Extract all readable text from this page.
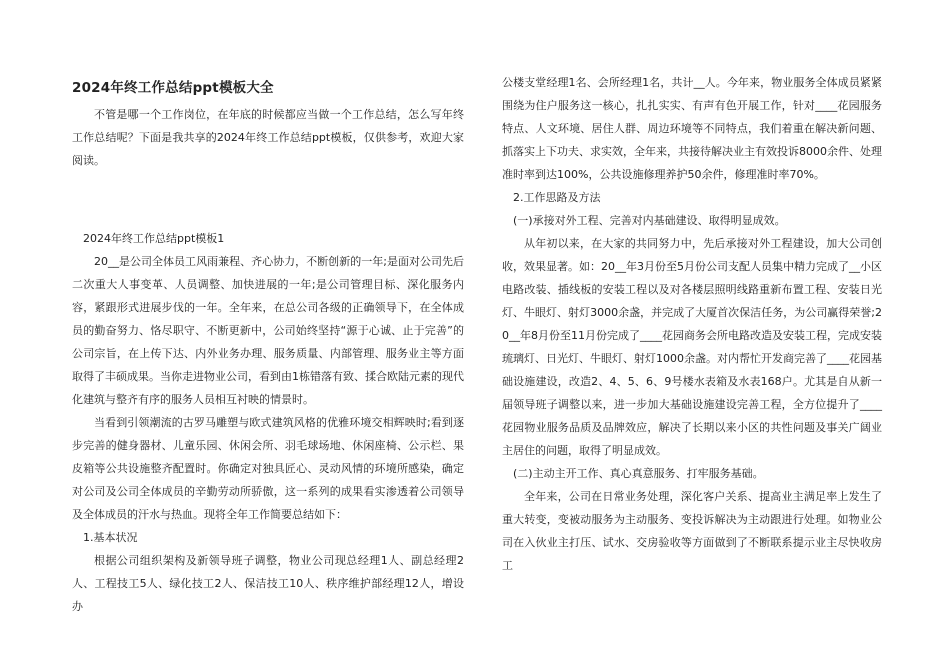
2024年终工作总结ppt模板大全

不管是哪一个工作岗位，在年底的时候都应当做一个工作总结，怎么写年终工作总结呢？下面是我共享的2024年终工作总结ppt模板，仅供参考，欢迎大家阅读。

2024年终工作总结ppt模板1

20__是公司全体员工风雨兼程、齐心协力，不断创新的一年;是面对公司先后二次重大人事变革、人员调整、加快进展的一年;是公司管理目标、深化服务内容，紧跟形式进展步伐的一年。全年来，在总公司各级的正确领导下，在全体成员的勤奋努力、恪尽职守、不断更新中，公司始终坚持“源于心诚、止于完善”的公司宗旨，在上传下达、内外业务办理、服务质量、内部管理、服务业主等方面取得了丰硕成果。当你走进物业公司，看到由1栋错落有致、揉合欧陆元素的现代化建筑与整齐有序的服务人员相互衬映的情景时。

当看到引领潮流的古罗马雕塑与欧式建筑风格的优雅环境交相辉映时;看到逐步完善的健身器材、儿童乐园、休闲会所、羽毛球场地、休闲座椅、公示栏、果皮箱等公共设施整齐配置时。你确定对独具匠心、灵动风情的环境所感染，确定对公司及公司全体成员的辛勤劳动所骄傲，这一系列的成果看实渗透着公司领导及全体成员的汗水与热血。现将全年工作简要总结如下：

1.基本状况

根据公司组织架构及新领导班子调整，物业公司现总经理1人、副总经理2人、工程技工5人、绿化技工2人、保洁技工10人、秩序维护部经理12人，增设办

公楼支堂经理1名、会所经理1名，共计__人。今年来，物业服务全体成员紧紧围绕为住户服务这一核心，扎扎实实、有声有色开展工作，针对____花园服务特点、人文环境、居住人群、周边环境等不同特点，我们着重在解决新问题、抓落实上下功夫、求实效，全年来，共接待解决业主有效投诉8000余件、处理准时率到达100%，公共设施修理养护50余件，修理准时率70%。

2.工作思路及方法

(一)承接对外工程、完善对内基础建设、取得明显成效。

从年初以来，在大家的共同努力中，先后承接对外工程建设，加大公司创收，效果显著。如：20__年3月份至5月份公司支配人员集中精力完成了__小区电路改装、插线板的安装工程以及对各楼层照明线路重新布置工程、安装日光灯、牛眼灯、射灯3000余盏，并完成了大厦首次保洁任务，为公司赢得荣誉;20__年8月份至11月份完成了____花园商务会所电路改造及安装工程，完成安装琉璃灯、日光灯、牛眼灯、射灯1000余盏。对内帮忙开发商完善了____花园基础设施建设，改造2、4、5、6、9号楼水表箱及水表168户。尤其是自从新一届领导班子调整以来，进一步加大基础设施建设完善工程，全方位提升了____花园物业服务品质及品牌效应，解决了长期以来小区的共性问题及事关广阔业主居住的问题，取得了明显成效。

(二)主动主开工作、真心真意服务、打牢服务基础。

全年来，公司在日常业务处理，深化客户关系、提高业主满足率上发生了重大转变，变被动服务为主动服务、变投诉解决为主动跟进行处理。如物业公司在入伙业主打压、试水、交房验收等方面做到了不断联系提示业主尽快收房工
